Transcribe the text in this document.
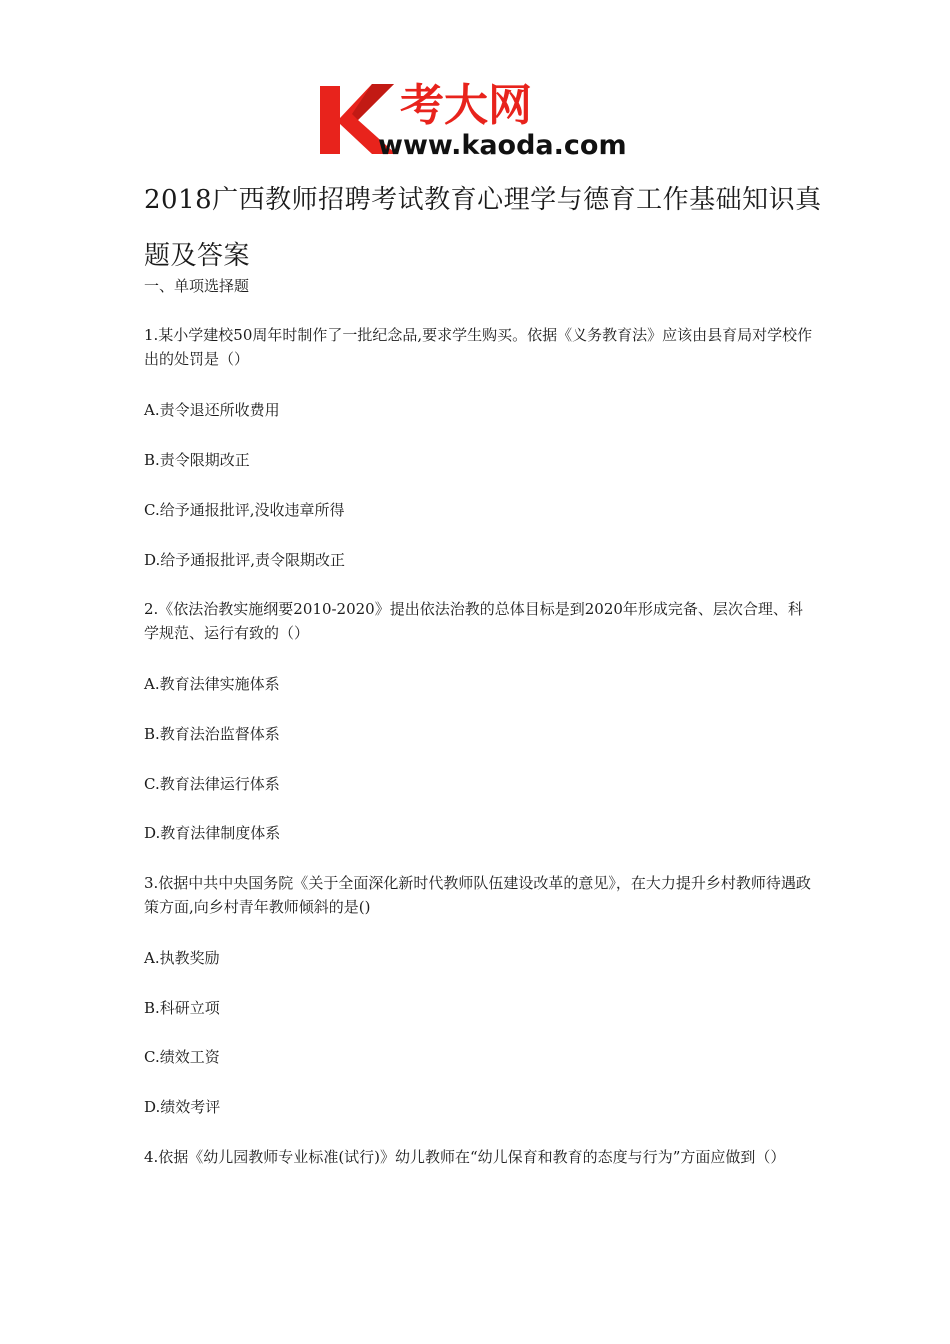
考大网
www.kaoda.com
2018广西教师招聘考试教育心理学与德育工作基础知识真题及答案

一、单项选择题

1.某小学建校50周年时制作了一批纪念品,要求学生购买。依据《义务教育法》应该由县育局对学校作出的处罚是（）

A.责令退还所收费用

B.责令限期改正

C.给予通报批评,没收违章所得

D.给予通报批评,责令限期改正

2.《依法治教实施纲要2010-2020》提出依法治教的总体目标是到2020年形成完备、层次合理、科学规范、运行有致的（）

A.教育法律实施体系

B.教育法治监督体系

C.教育法律运行体系

D.教育法律制度体系

3.依据中共中央国务院《关于全面深化新时代教师队伍建设改革的意见》，在大力提升乡村教师待遇政策方面,向乡村青年教师倾斜的是()

A.执教奖励

B.科研立项

C.绩效工资

D.绩效考评

4.依据《幼儿园教师专业标准(试行)》幼儿教师在“幼儿保育和教育的态度与行为”方面应做到（）
